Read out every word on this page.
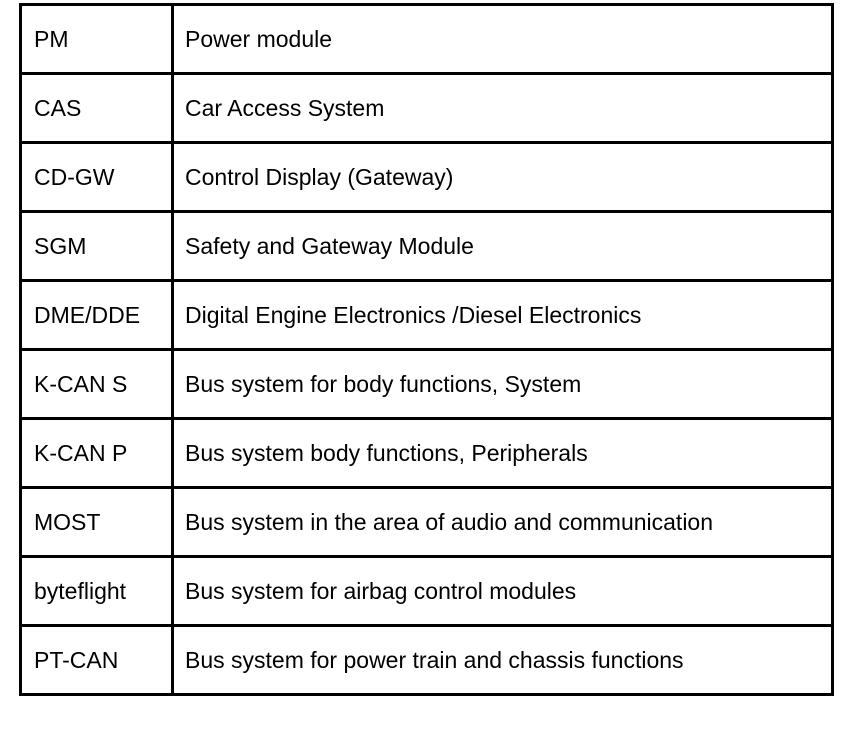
PM	Power module
CAS	Car Access System
CD-GW	Control Display (Gateway)
SGM	Safety and Gateway Module
DME/DDE	Digital Engine Electronics /Diesel Electronics
K-CAN S	Bus system for body functions, System
K-CAN P	Bus system body functions, Peripherals
MOST	Bus system in the area of audio and communication
byteflight	Bus system for airbag control modules
PT-CAN	Bus system for power train and chassis functions
